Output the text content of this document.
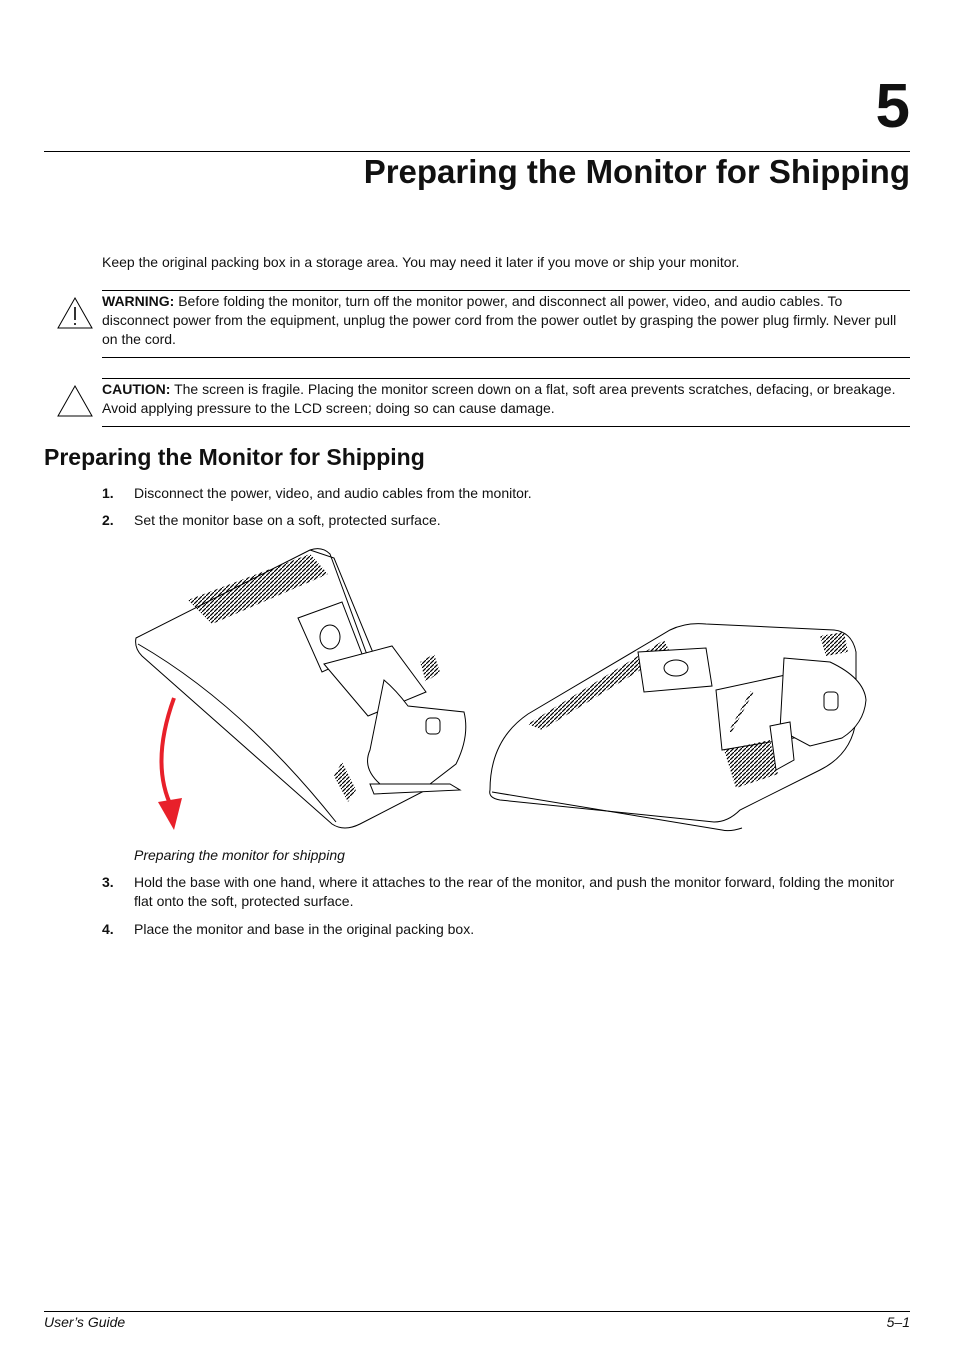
5
Preparing the Monitor for Shipping

Keep the original packing box in a storage area. You may need it later if you move or ship your monitor.

WARNING: Before folding the monitor, turn off the monitor power, and disconnect all power, video, and audio cables. To disconnect power from the equipment, unplug the power cord from the power outlet by grasping the power plug firmly. Never pull on the cord.
CAUTION: The screen is fragile. Placing the monitor screen down on a flat, soft area prevents scratches, defacing, or breakage. Avoid applying pressure to the LCD screen; doing so can cause damage.
Preparing the Monitor for Shipping
1. Disconnect the power, video, and audio cables from the monitor.
2. Set the monitor base on a soft, protected surface.
Preparing the monitor for shipping
3. Hold the base with one hand, where it attaches to the rear of the monitor, and push the monitor forward, folding the monitor flat onto the soft, protected surface.
4. Place the monitor and base in the original packing box.
User’s Guide	5–1
